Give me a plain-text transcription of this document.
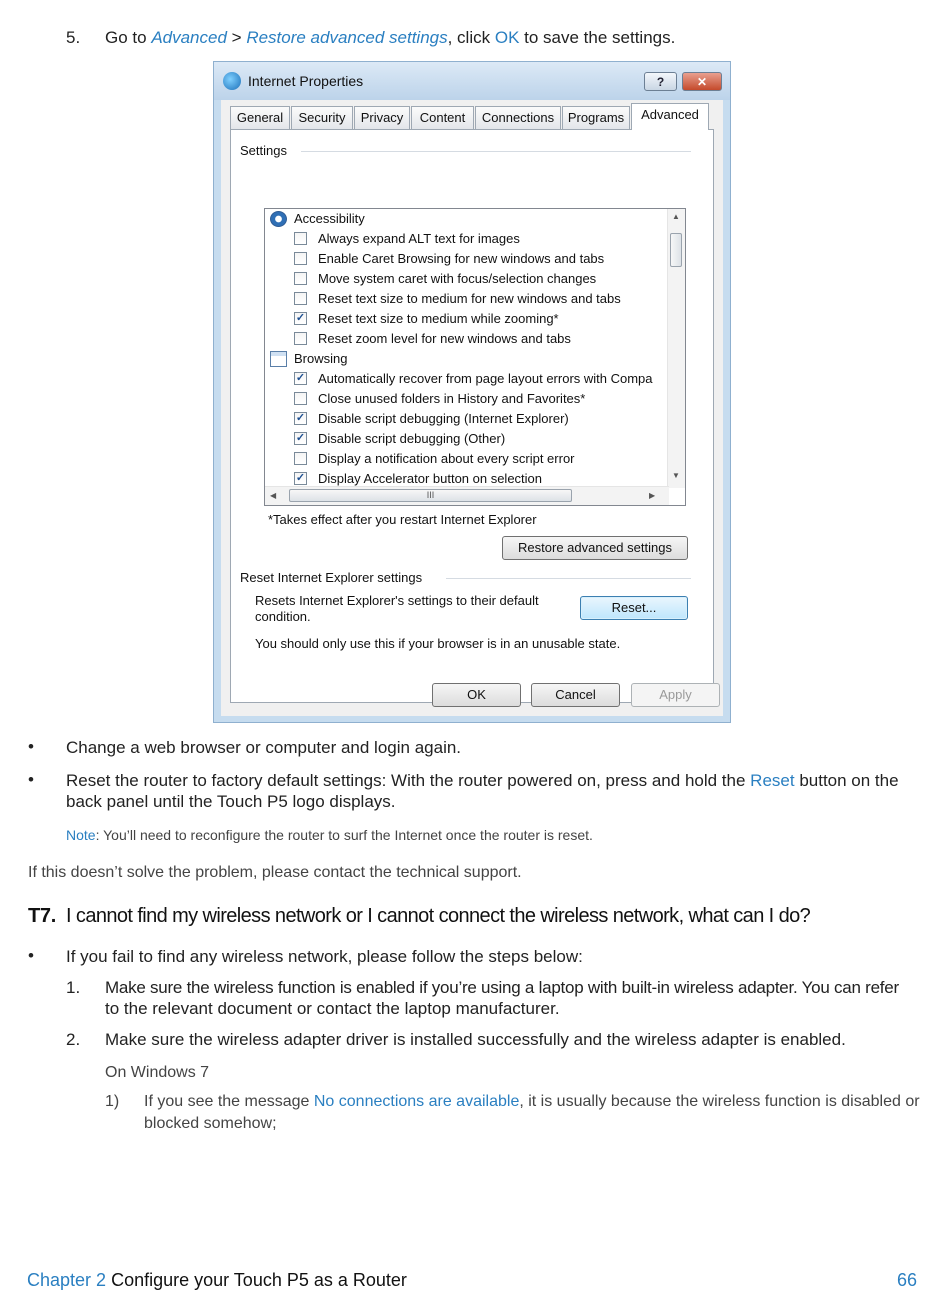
5. Go to Advanced > Restore advanced settings, click OK to save the settings.
Internet Properties	?	✕
General	Security	Privacy	Content	Connections	Programs	Advanced
Settings
Accessibility
Always expand ALT text for images
Enable Caret Browsing for new windows and tabs
Move system caret with focus/selection changes
Reset text size to medium for new windows and tabs
✓ Reset text size to medium while zooming*
Reset zoom level for new windows and tabs
Browsing
✓ Automatically recover from page layout errors with Compa
Close unused folders in History and Favorites*
✓ Disable script debugging (Internet Explorer)
✓ Disable script debugging (Other)
Display a notification about every script error
✓ Display Accelerator button on selection
▲
▼
◀	III	▶
*Takes effect after you restart Internet Explorer
Restore advanced settings
Reset Internet Explorer settings
Resets Internet Explorer's settings to their default condition.
Reset...
You should only use this if your browser is in an unusable state.
OK	Cancel	Apply
• Change a web browser or computer and login again.
• Reset the router to factory default settings: With the router powered on, press and hold the Reset button on the
back panel until the Touch P5 logo displays.
Note: You’ll need to reconfigure the router to surf the Internet once the router is reset.
If this doesn’t solve the problem, please contact the technical support.
T7. I cannot find my wireless network or I cannot connect the wireless network, what can I do?
• If you fail to find any wireless network, please follow the steps below:
1. Make sure the wireless function is enabled if you’re using a laptop with built-in wireless adapter. You can refer
to the relevant document or contact the laptop manufacturer.
2. Make sure the wireless adapter driver is installed successfully and the wireless adapter is enabled.
On Windows 7
1) If you see the message No connections are available, it is usually because the wireless function is disabled or
blocked somehow;
Chapter 2 Configure your Touch P5 as a Router	66
